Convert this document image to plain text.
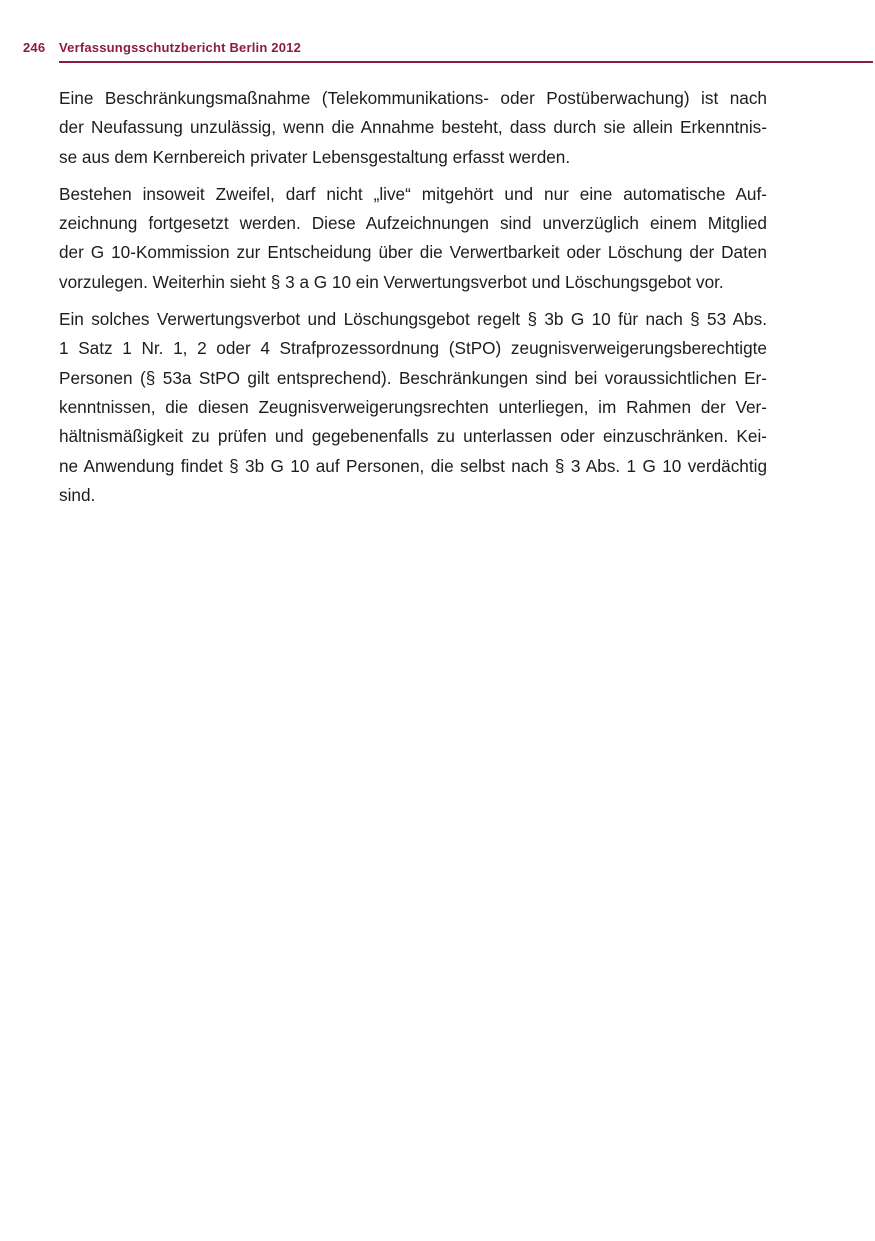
246 Verfassungsschutzbericht Berlin 2012

Eine Beschränkungsmaßnahme (Telekommunikations- oder Postüberwachung) ist nach
der Neufassung unzulässig, wenn die Annahme besteht, dass durch sie allein Erkenntnis-
se aus dem Kernbereich privater Lebensgestaltung erfasst werden.

Bestehen insoweit Zweifel, darf nicht „live“ mitgehört und nur eine automatische Auf-
zeichnung fortgesetzt werden. Diese Aufzeichnungen sind unverzüglich einem Mitglied
der G 10-Kommission zur Entscheidung über die Verwertbarkeit oder Löschung der Daten
vorzulegen. Weiterhin sieht § 3 a G 10 ein Verwertungsverbot und Löschungsgebot vor.

Ein solches Verwertungsverbot und Löschungsgebot regelt § 3b G 10 für nach § 53 Abs.
1 Satz 1 Nr. 1, 2 oder 4 Strafprozessordnung (StPO) zeugnisverweigerungsberechtigte
Personen (§ 53a StPO gilt entsprechend). Beschränkungen sind bei voraussichtlichen Er-
kenntnissen, die diesen Zeugnisverweigerungsrechten unterliegen, im Rahmen der Ver-
hältnismäßigkeit zu prüfen und gegebenenfalls zu unterlassen oder einzuschränken. Kei-
ne Anwendung findet § 3b G 10 auf Personen, die selbst nach § 3 Abs. 1 G 10 verdächtig
sind.
